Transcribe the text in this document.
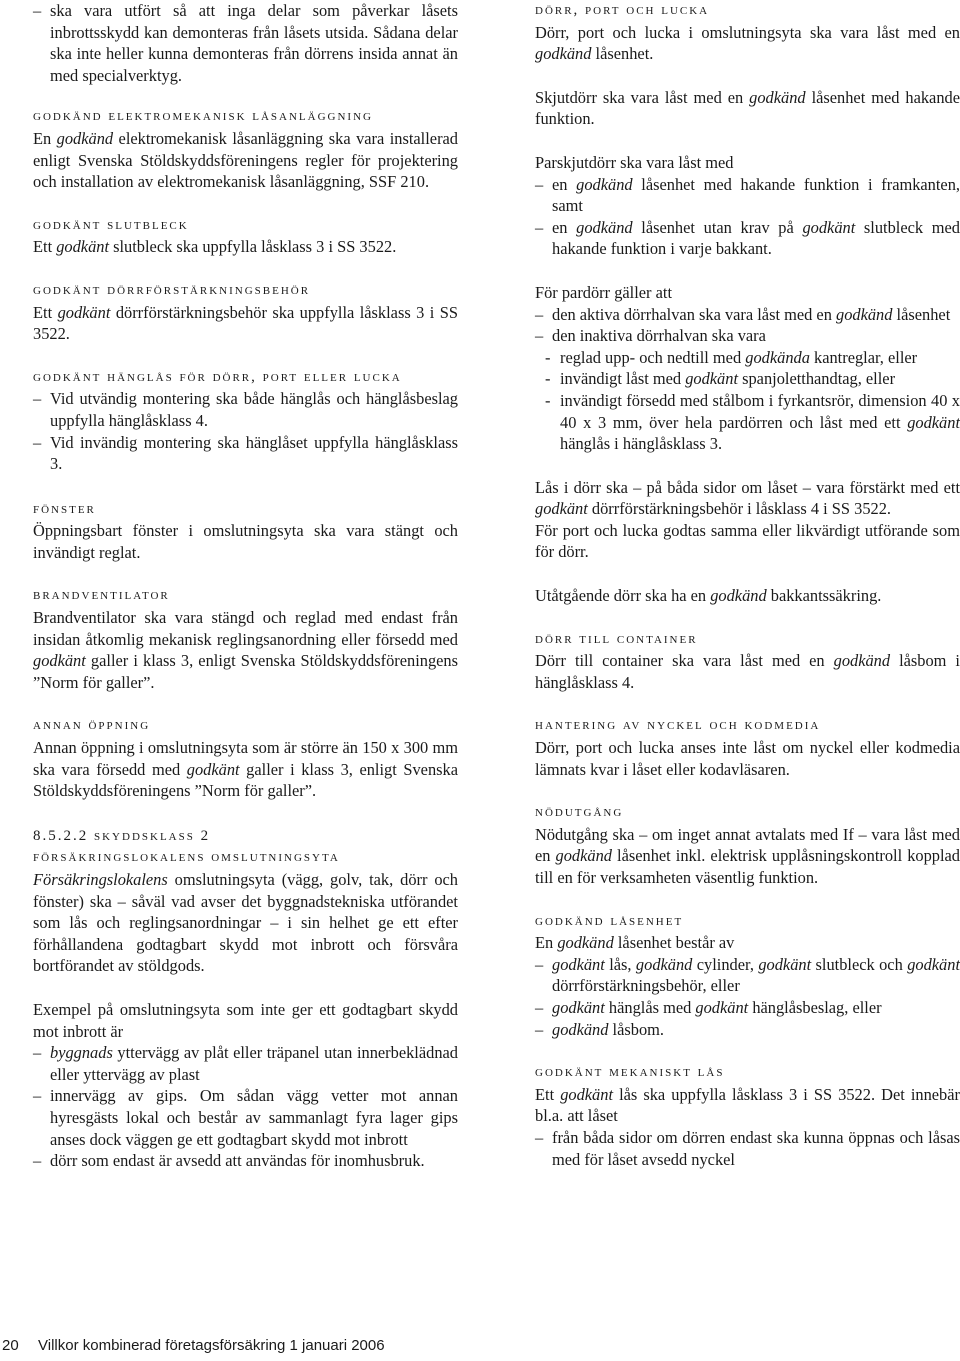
– ska vara utfört så att inga delar som påverkar låsets inbrottsskydd kan demonteras från låsets utsida. Sådana delar ska inte heller kunna demonteras från dörrens insida annat än med specialverktyg.
godkänd elektromekanisk låsanläggning

En godkänd elektromekanisk låsanläggning ska vara installerad enligt Svenska Stöldskyddsföreningens regler för projektering och installation av elektromekanisk låsanläggning, SSF 210.

godkänt slutbleck

Ett godkänt slutbleck ska uppfylla låsklass 3 i SS 3522.

godkänt dörrförstärkningsbehör

Ett godkänt dörrförstärkningsbehör ska uppfylla låsklass 3 i SS 3522.

godkänt hänglås för dörr, port eller lucka
– Vid utvändig montering ska både hänglås och hänglåsbeslag uppfylla hänglåsklass 4.
– Vid invändig montering ska hänglåset uppfylla hänglåsklass 3.
fönster

Öppningsbart fönster i omslutningsyta ska vara stängt och invändigt reglat.

brandventilator

Brandventilator ska vara stängd och reglad med endast från insidan åtkomlig mekanisk reglingsanordning eller försedd med godkänt galler i klass 3, enligt Svenska Stöldskyddsföreningens ”Norm för galler”.

annan öppning

Annan öppning i omslutningsyta som är större än 150 x 300 mm ska vara försedd med godkänt galler i klass 3, enligt Svenska Stöldskyddsföreningens ”Norm för galler”.

8.5.2.2 skyddsklass 2
försäkringslokalens omslutningsyta

Försäkringslokalens omslutningsyta (vägg, golv, tak, dörr och fönster) ska – såväl vad avser det byggnadstekniska utförandet som lås och reglingsanordningar – i sin helhet ge ett efter förhållandena godtagbart skydd mot inbrott och försvåra bortförandet av stöldgods.

Exempel på omslutningsyta som inte ger ett godtagbart skydd mot inbrott är

– byggnads yttervägg av plåt eller träpanel utan innerbeklädnad eller yttervägg av plast
– innervägg av gips. Om sådan vägg vetter mot annan hyresgästs lokal och består av sammanlagt fyra lager gips anses dock väggen ge ett godtagbart skydd mot inbrott
– dörr som endast är avsedd att användas för inomhusbruk.
dörr, port och lucka

Dörr, port och lucka i omslutningsyta ska vara låst med en godkänd låsenhet.

Skjutdörr ska vara låst med en godkänd låsenhet med hakande funktion.

Parskjutdörr ska vara låst med

– en godkänd låsenhet med hakande funktion i framkanten, samt
– en godkänd låsenhet utan krav på godkänt slutbleck med hakande funktion i varje bakkant.

För pardörr gäller att

– den aktiva dörrhalvan ska vara låst med en godkänd låsenhet
– den inaktiva dörrhalvan ska vara
- reglad upp- och nedtill med godkända kantreglar, eller
- invändigt låst med godkänt spanjoletthandtag, eller
- invändigt försedd med stålbom i fyrkantsrör, dimension 40 x 40 x 3 mm, över hela pardörren och låst med ett godkänt hänglås i hänglåsklass 3.

Lås i dörr ska – på båda sidor om låset – vara förstärkt med ett godkänt dörrförstärkningsbehör i låsklass 4 i SS 3522.

För port och lucka godtas samma eller likvärdigt utförande som för dörr.

Utåtgående dörr ska ha en godkänd bakkantssäkring.

dörr till container

Dörr till container ska vara låst med en godkänd låsbom i hänglåsklass 4.

hantering av nyckel och kodmedia

Dörr, port och lucka anses inte låst om nyckel eller kodmedia lämnats kvar i låset eller kodavläsaren.

nödutgång

Nödutgång ska – om inget annat avtalats med If – vara låst med en godkänd låsenhet inkl. elektrisk upplåsningskontroll kopplad till en för verksamheten väsentlig funktion.

godkänd låsenhet

En godkänd låsenhet består av

– godkänt lås, godkänd cylinder, godkänt slutbleck och godkänt dörrförstärkningsbehör, eller
– godkänt hänglås med godkänt hänglåsbeslag, eller
– godkänd låsbom.
godkänt mekaniskt lås

Ett godkänt lås ska uppfylla låsklass 3 i SS 3522. Det innebär bl.a. att låset

– från båda sidor om dörren endast ska kunna öppnas och låsas med för låset avsedd nyckel
20 Villkor kombinerad företagsförsäkring 1 januari 2006
